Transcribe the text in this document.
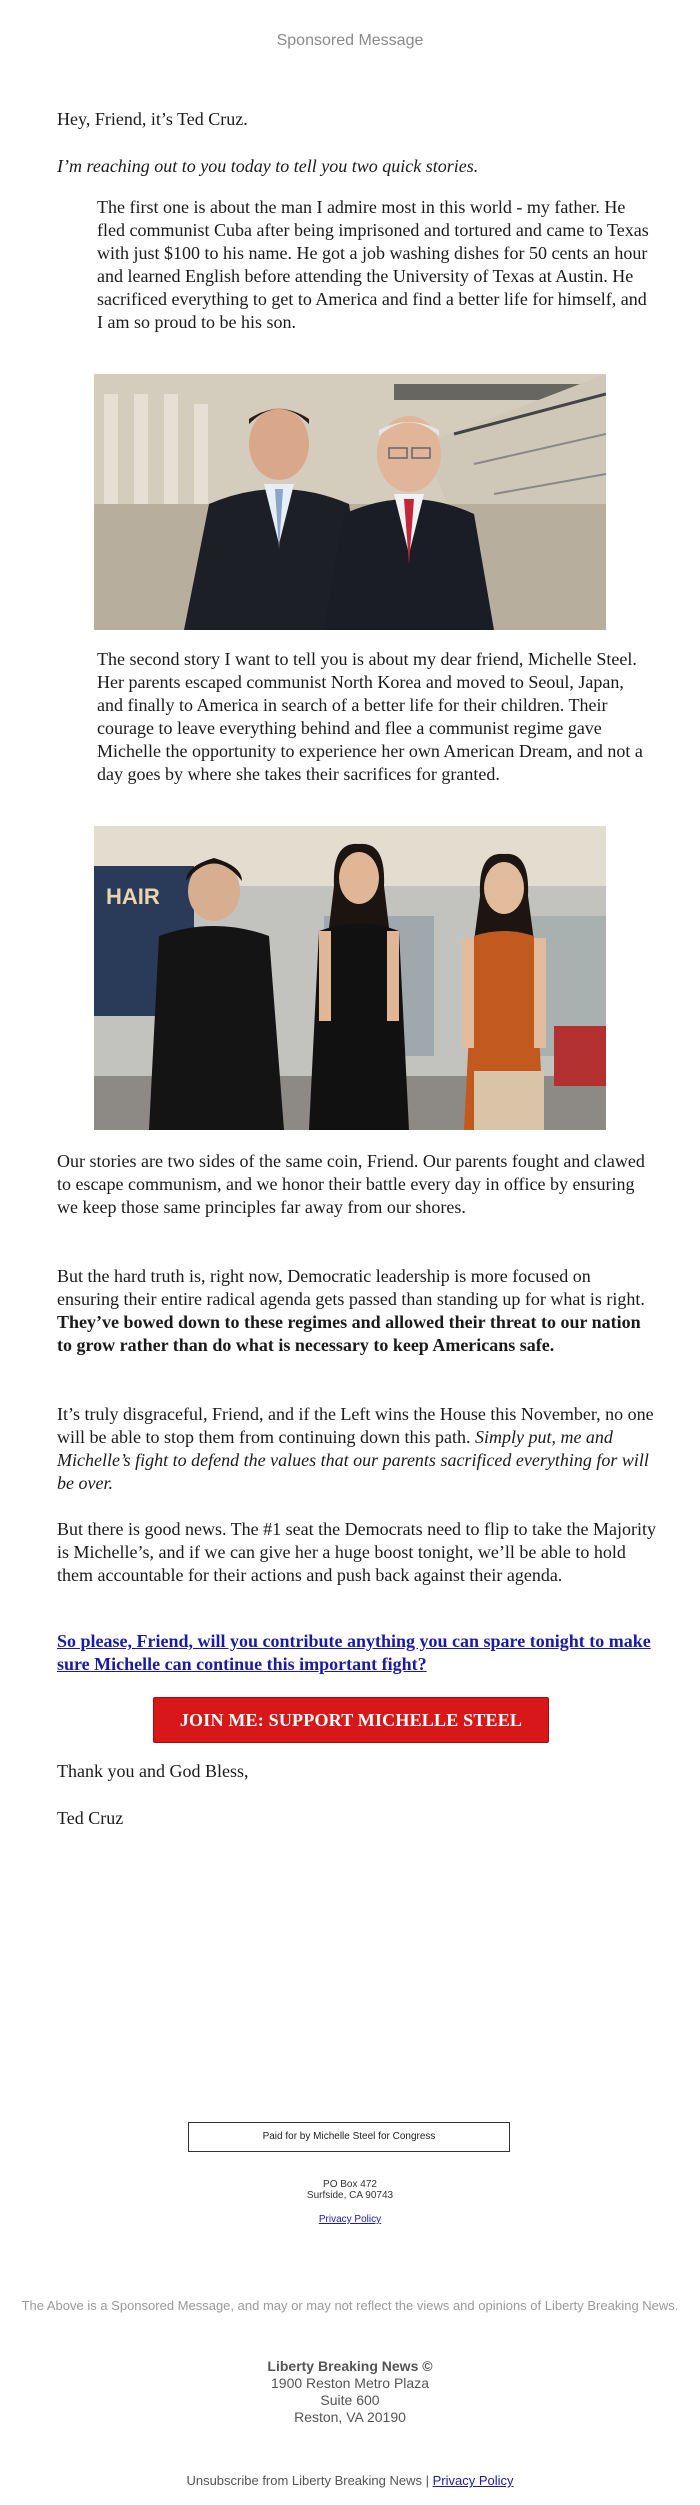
Sponsored Message

Hey, Friend, it’s Ted Cruz.

I’m reaching out to you today to tell you two quick stories.

The first one is about the man I admire most in this world - my father. He fled communist Cuba after being imprisoned and tortured and came to Texas with just $100 to his name. He got a job washing dishes for 50 cents an hour and learned English before attending the University of Texas at Austin. He sacrificed everything to get to America and find a better life for himself, and I am so proud to be his son.

The second story I want to tell you is about my dear friend, Michelle Steel. Her parents escaped communist North Korea and moved to Seoul, Japan, and finally to America in search of a better life for their children. Their courage to leave everything behind and flee a communist regime gave Michelle the opportunity to experience her own American Dream, and not a day goes by where she takes their sacrifices for granted.

HAIR

Our stories are two sides of the same coin, Friend. Our parents fought and clawed to escape communism, and we honor their battle every day in office by ensuring we keep those same principles far away from our shores.

But the hard truth is, right now, Democratic leadership is more focused on ensuring their entire radical agenda gets passed than standing up for what is right. They’ve bowed down to these regimes and allowed their threat to our nation to grow rather than do what is necessary to keep Americans safe.

It’s truly disgraceful, Friend, and if the Left wins the House this November, no one will be able to stop them from continuing down this path. Simply put, me and Michelle’s fight to defend the values that our parents sacrificed everything for will be over.

But there is good news. The #1 seat the Democrats need to flip to take the Majority is Michelle’s, and if we can give her a huge boost tonight, we’ll be able to hold them accountable for their actions and push back against their agenda.

So please, Friend, will you contribute anything you can spare tonight to make sure Michelle can continue this important fight?

JOIN ME: SUPPORT MICHELLE STEEL

Thank you and God Bless,

Ted Cruz

Paid for by Michelle Steel for Congress
PO Box 472
Surfside, CA 90743
Privacy Policy
The Above is a Sponsored Message, and may or may not reflect the views and opinions of Liberty Breaking News.
Liberty Breaking News ©
1900 Reston Metro Plaza
Suite 600
Reston, VA 20190
Unsubscribe from Liberty Breaking News | Privacy Policy
